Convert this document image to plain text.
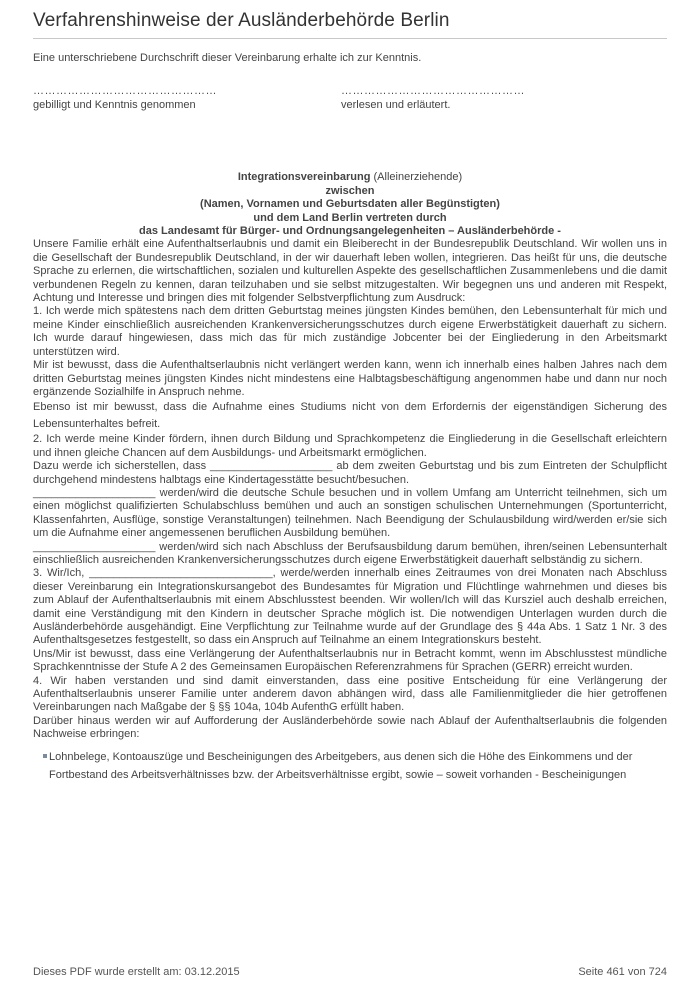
Verfahrenshinweise der Ausländerbehörde Berlin

Eine unterschriebene Durchschrift dieser Vereinbarung erhalte ich zur Kenntnis.

…………………………………………
gebilligt und Kenntnis genommen
…………………………………………
verlesen und erläutert.
Integrationsvereinbarung (Alleinerziehende)
zwischen
(Namen, Vornamen und Geburtsdaten aller Begünstigten)
und dem Land Berlin vertreten durch
das Landesamt für Bürger- und Ordnungsangelegenheiten – Ausländerbehörde -

Unsere Familie erhält eine Aufenthaltserlaubnis und damit ein Bleiberecht in der Bundesrepublik Deutschland. Wir wollen uns in die Gesellschaft der Bundesrepublik Deutschland, in der wir dauerhaft leben wollen, integrieren. Das heißt für uns, die deutsche Sprache zu erlernen, die wirtschaftlichen, sozialen und kulturellen Aspekte des gesellschaftlichen Zusammenlebens und die damit verbundenen Regeln zu kennen, daran teilzuhaben und sie selbst mitzugestalten. Wir begegnen uns und anderen mit Respekt, Achtung und Interesse und bringen dies mit folgender Selbstverpflichtung zum Ausdruck:

1. Ich werde mich spätestens nach dem dritten Geburtstag meines jüngsten Kindes bemühen, den Lebensunterhalt für mich und meine Kinder einschließlich ausreichenden Krankenversicherungsschutzes durch eigene Erwerbstätigkeit dauerhaft zu sichern. Ich wurde darauf hingewiesen, dass mich das für mich zuständige Jobcenter bei der Eingliederung in den Arbeitsmarkt unterstützen wird.

Mir ist bewusst, dass die Aufenthaltserlaubnis nicht verlängert werden kann, wenn ich innerhalb eines halben Jahres nach dem dritten Geburtstag meines jüngsten Kindes nicht mindestens eine Halbtagsbeschäftigung angenommen habe und dann nur noch ergänzende Sozialhilfe in Anspruch nehme.

Ebenso ist mir bewusst, dass die Aufnahme eines Studiums nicht von dem Erfordernis der eigenständigen Sicherung des Lebensunterhaltes befreit.

2. Ich werde meine Kinder fördern, ihnen durch Bildung und Sprachkompetenz die Eingliederung in die Gesellschaft erleichtern und ihnen gleiche Chancen auf dem Ausbildungs- und Arbeitsmarkt ermöglichen.

Dazu werde ich sicherstellen, dass ____________________ ab dem zweiten Geburtstag und bis zum Eintreten der Schulpflicht durchgehend mindestens halbtags eine Kindertagesstätte besucht/besuchen.

____________________ werden/wird die deutsche Schule besuchen und in vollem Umfang am Unterricht teilnehmen, sich um einen möglichst qualifizierten Schulabschluss bemühen und auch an sonstigen schulischen Unternehmungen (Sportunterricht, Klassenfahrten, Ausflüge, sonstige Veranstaltungen) teilnehmen. Nach Beendigung der Schulausbildung wird/werden er/sie sich um die Aufnahme einer angemessenen beruflichen Ausbildung bemühen.

____________________ werden/wird sich nach Abschluss der Berufsausbildung darum bemühen, ihren/seinen Lebensunterhalt einschließlich ausreichenden Krankenversicherungsschutzes durch eigene Erwerbstätigkeit dauerhaft selbständig zu sichern.

3. Wir/Ich, ______________________________, werde/werden innerhalb eines Zeitraumes von drei Monaten nach Abschluss dieser Vereinbarung ein Integrationskursangebot des Bundesamtes für Migration und Flüchtlinge wahrnehmen und dieses bis zum Ablauf der Aufenthaltserlaubnis mit einem Abschlusstest beenden. Wir wollen/Ich will das Kursziel auch deshalb erreichen, damit eine Verständigung mit den Kindern in deutscher Sprache möglich ist. Die notwendigen Unterlagen wurden durch die Ausländerbehörde ausgehändigt. Eine Verpflichtung zur Teilnahme wurde auf der Grundlage des § 44a Abs. 1 Satz 1 Nr. 3 des Aufenthaltsgesetzes festgestellt, so dass ein Anspruch auf Teilnahme an einem Integrationskurs besteht.

Uns/Mir ist bewusst, dass eine Verlängerung der Aufenthaltserlaubnis nur in Betracht kommt, wenn im Abschlusstest mündliche Sprachkenntnisse der Stufe A 2 des Gemeinsamen Europäischen Referenzrahmens für Sprachen (GERR) erreicht wurden.

4. Wir haben verstanden und sind damit einverstanden, dass eine positive Entscheidung für eine Verlängerung der Aufenthaltserlaubnis unserer Familie unter anderem davon abhängen wird, dass alle Familienmitglieder die hier getroffenen Vereinbarungen nach Maßgabe der § §§ 104a, 104b AufenthG erfüllt haben.

Darüber hinaus werden wir auf Aufforderung der Ausländerbehörde sowie nach Ablauf der Aufenthaltserlaubnis die folgenden Nachweise erbringen:

Lohnbelege, Kontoauszüge und Bescheinigungen des Arbeitgebers, aus denen sich die Höhe des Einkommens und der Fortbestand des Arbeitsverhältnisses bzw. der Arbeitsverhältnisse ergibt, sowie – soweit vorhanden - Bescheinigungen
Dieses PDF wurde erstellt am: 03.12.2015	Seite 461 von 724
